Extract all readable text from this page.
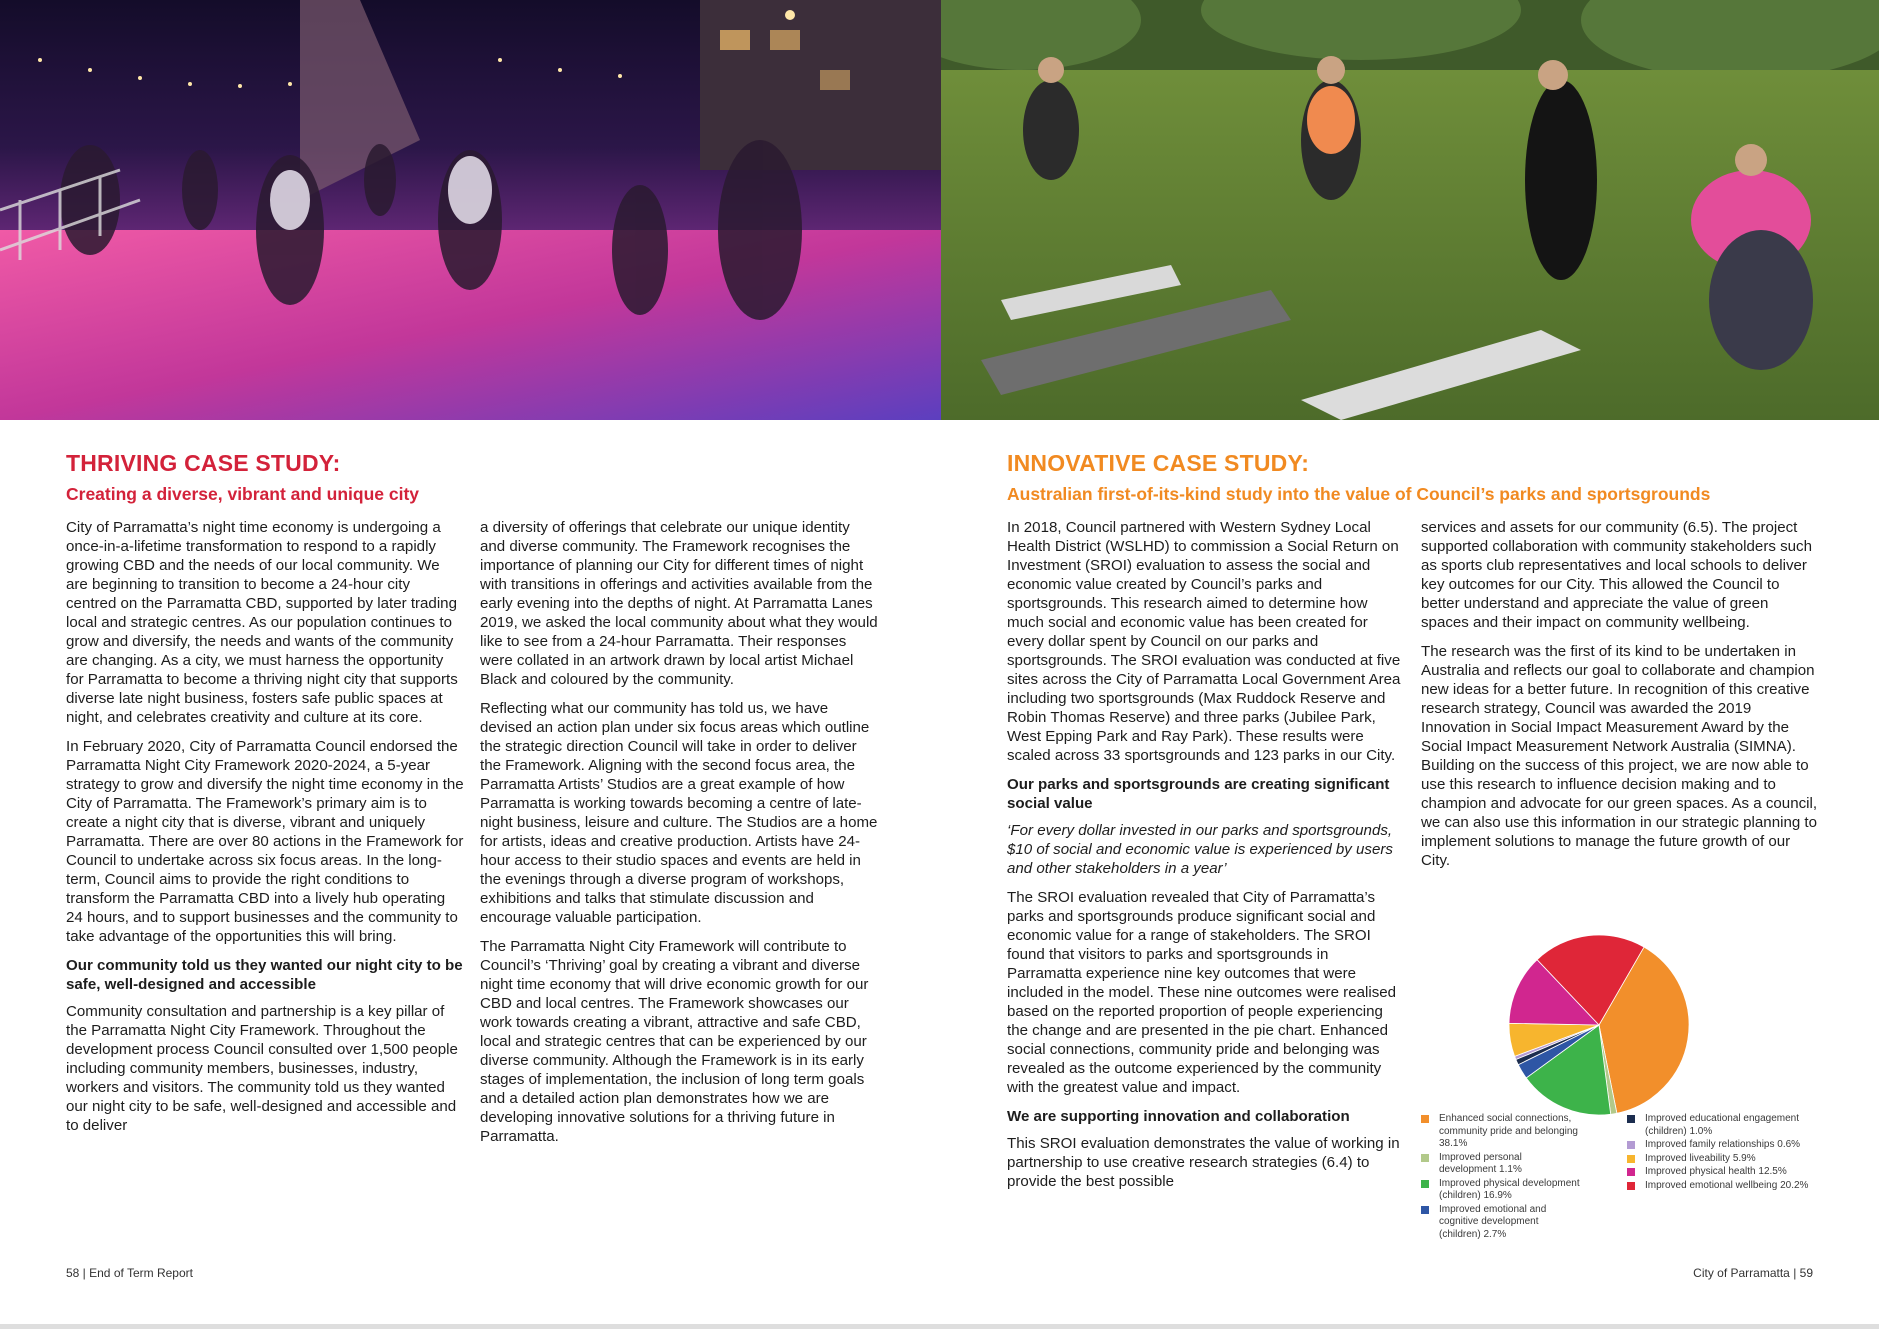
THRIVING CASE STUDY:
Creating a diverse, vibrant and unique city

City of Parramatta’s night time economy is undergoing a once-in-a-lifetime transformation to respond to a rapidly growing CBD and the needs of our local community. We are beginning to transition to become a 24-hour city centred on the Parramatta CBD, supported by later trading local and strategic centres. As our population continues to grow and diversify, the needs and wants of the community are changing. As a city, we must harness the opportunity for Parramatta to become a thriving night city that supports diverse late night business, fosters safe public spaces at night, and celebrates creativity and culture at its core.

In February 2020, City of Parramatta Council endorsed the Parramatta Night City Framework 2020-2024, a 5-year strategy to grow and diversify the night time economy in the City of Parramatta. The Framework’s primary aim is to create a night city that is diverse, vibrant and uniquely Parramatta. There are over 80 actions in the Framework for Council to undertake across six focus areas. In the long-term, Council aims to provide the right conditions to transform the Parramatta CBD into a lively hub operating 24 hours, and to support businesses and the community to take advantage of the opportunities this will bring.

Our community told us they wanted our night city to be safe, well-designed and accessible

Community consultation and partnership is a key pillar of the Parramatta Night City Framework. Throughout the development process Council consulted over 1,500 people including community members, businesses, industry, workers and visitors. The community told us they wanted our night city to be safe, well-designed and accessible and to deliver

a diversity of offerings that celebrate our unique identity and diverse community. The Framework recognises the importance of planning our City for different times of night with transitions in offerings and activities available from the early evening into the depths of night. At Parramatta Lanes 2019, we asked the local community about what they would like to see from a 24-hour Parramatta. Their responses were collated in an artwork drawn by local artist Michael Black and coloured by the community.

Reflecting what our community has told us, we have devised an action plan under six focus areas which outline the strategic direction Council will take in order to deliver the Framework. Aligning with the second focus area, the Parramatta Artists’ Studios are a great example of how Parramatta is working towards becoming a centre of late-night business, leisure and culture. The Studios are a home for artists, ideas and creative production. Artists have 24-hour access to their studio spaces and events are held in the evenings through a diverse program of workshops, exhibitions and talks that stimulate discussion and encourage valuable participation.

The Parramatta Night City Framework will contribute to Council’s ‘Thriving’ goal by creating a vibrant and diverse night time economy that will drive economic growth for our CBD and local centres. The Framework showcases our work towards creating a vibrant, attractive and safe CBD, local and strategic centres that can be experienced by our diverse community. Although the Framework is in its early stages of implementation, the inclusion of long term goals and a detailed action plan demonstrates how we are developing innovative solutions for a thriving future in Parramatta.

58 | End of Term Report
INNOVATIVE CASE STUDY:
Australian first-of-its-kind study into the value of Council’s parks and sportsgrounds

In 2018, Council partnered with Western Sydney Local Health District (WSLHD) to commission a Social Return on Investment (SROI) evaluation to assess the social and economic value created by Council’s parks and sportsgrounds. This research aimed to determine how much social and economic value has been created for every dollar spent by Council on our parks and sportsgrounds. The SROI evaluation was conducted at five sites across the City of Parramatta Local Government Area including two sportsgrounds (Max Ruddock Reserve and Robin Thomas Reserve) and three parks (Jubilee Park, West Epping Park and Ray Park). These results were scaled across 33 sportsgrounds and 123 parks in our City.

Our parks and sportsgrounds are creating significant social value

‘For every dollar invested in our parks and sportsgrounds, $10 of social and economic value is experienced by users and other stakeholders in a year’

The SROI evaluation revealed that City of Parramatta’s parks and sportsgrounds produce significant social and economic value for a range of stakeholders. The SROI found that visitors to parks and sportsgrounds in Parramatta experience nine key outcomes that were included in the model. These nine outcomes were realised based on the reported proportion of people experiencing the change and are presented in the pie chart. Enhanced social connections, community pride and belonging was revealed as the outcome experienced by the community with the greatest value and impact.

We are supporting innovation and collaboration

This SROI evaluation demonstrates the value of working in partnership to use creative research strategies (6.4) to provide the best possible

services and assets for our community (6.5). The project supported collaboration with community stakeholders such as sports club representatives and local schools to deliver key outcomes for our City. This allowed the Council to better understand and appreciate the value of green spaces and their impact on community wellbeing.

The research was the first of its kind to be undertaken in Australia and reflects our goal to collaborate and champion new ideas for a better future. In recognition of this creative research strategy, Council was awarded the 2019 Innovation in Social Impact Measurement Award by the Social Impact Measurement Network Australia (SIMNA). Building on the success of this project, we are now able to use this research to influence decision making and to champion and advocate for our green spaces. As a council, we can also use this information in our strategic planning to implement solutions to manage the future growth of our City.

Enhanced social connections, community pride and belonging 38.1%
Improved personal development 1.1%
Improved physical development (children) 16.9%
Improved emotional and cognitive development (children) 2.7%
Improved educational engagement (children) 1.0%
Improved family relationships 0.6%
Improved liveability 5.9%
Improved physical health 12.5%
Improved emotional wellbeing 20.2%
City of Parramatta | 59
